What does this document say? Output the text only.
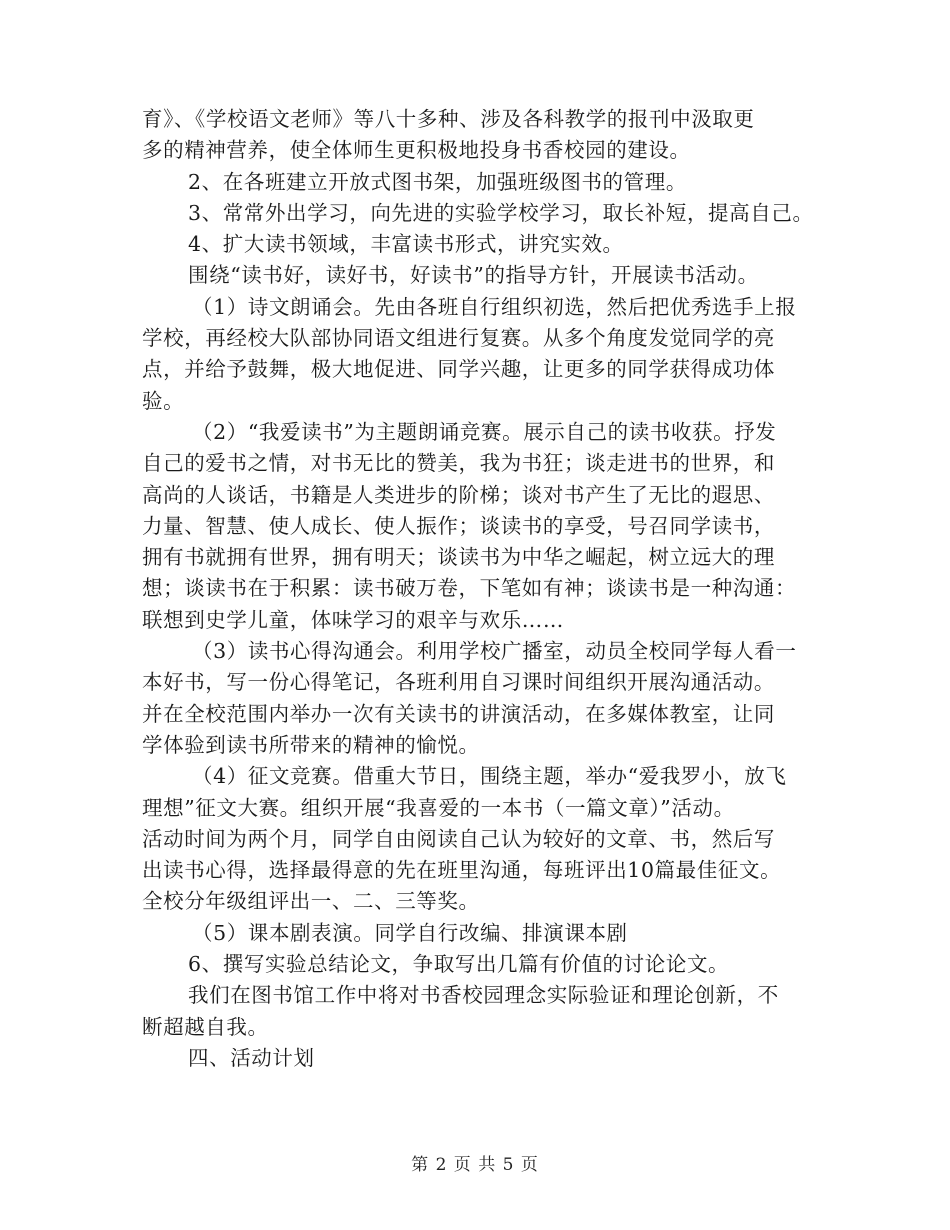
育》、《学校语文老师》等八十多种、涉及各科教学的报刊中汲取更
多的精神营养，使全体师生更积极地投身书香校园的建设。
2、在各班建立开放式图书架，加强班级图书的管理。
3、常常外出学习，向先进的实验学校学习，取长补短，提高自己。
4、扩大读书领域，丰富读书形式，讲究实效。
围绕“读书好，读好书，好读书”的指导方针，开展读书活动。
（1）诗文朗诵会。先由各班自行组织初选，然后把优秀选手上报
学校，再经校大队部协同语文组进行复赛。从多个角度发觉同学的亮
点，并给予鼓舞，极大地促进、同学兴趣，让更多的同学获得成功体
验。
（2）“我爱读书”为主题朗诵竞赛。展示自己的读书收获。抒发
自己的爱书之情，对书无比的赞美，我为书狂；谈走进书的世界，和
高尚的人谈话，书籍是人类进步的阶梯；谈对书产生了无比的遐思、
力量、智慧、使人成长、使人振作；谈读书的享受，号召同学读书，
拥有书就拥有世界，拥有明天；谈读书为中华之崛起，树立远大的理
想；谈读书在于积累：读书破万卷，下笔如有神；谈读书是一种沟通：
联想到史学儿童，体味学习的艰辛与欢乐……
（3）读书心得沟通会。利用学校广播室，动员全校同学每人看一
本好书，写一份心得笔记，各班利用自习课时间组织开展沟通活动。
并在全校范围内举办一次有关读书的讲演活动，在多媒体教室，让同
学体验到读书所带来的精神的愉悦。
（4）征文竞赛。借重大节日，围绕主题，举办“爱我罗小，放飞
理想”征文大赛。组织开展“我喜爱的一本书（一篇文章）”活动。
活动时间为两个月，同学自由阅读自己认为较好的文章、书，然后写
出读书心得，选择最得意的先在班里沟通，每班评出10篇最佳征文。
全校分年级组评出一、二、三等奖。
（5）课本剧表演。同学自行改编、排演课本剧
6、撰写实验总结论文，争取写出几篇有价值的讨论论文。
我们在图书馆工作中将对书香校园理念实际验证和理论创新，不
断超越自我。
四、活动计划
第 2 页 共 5 页
